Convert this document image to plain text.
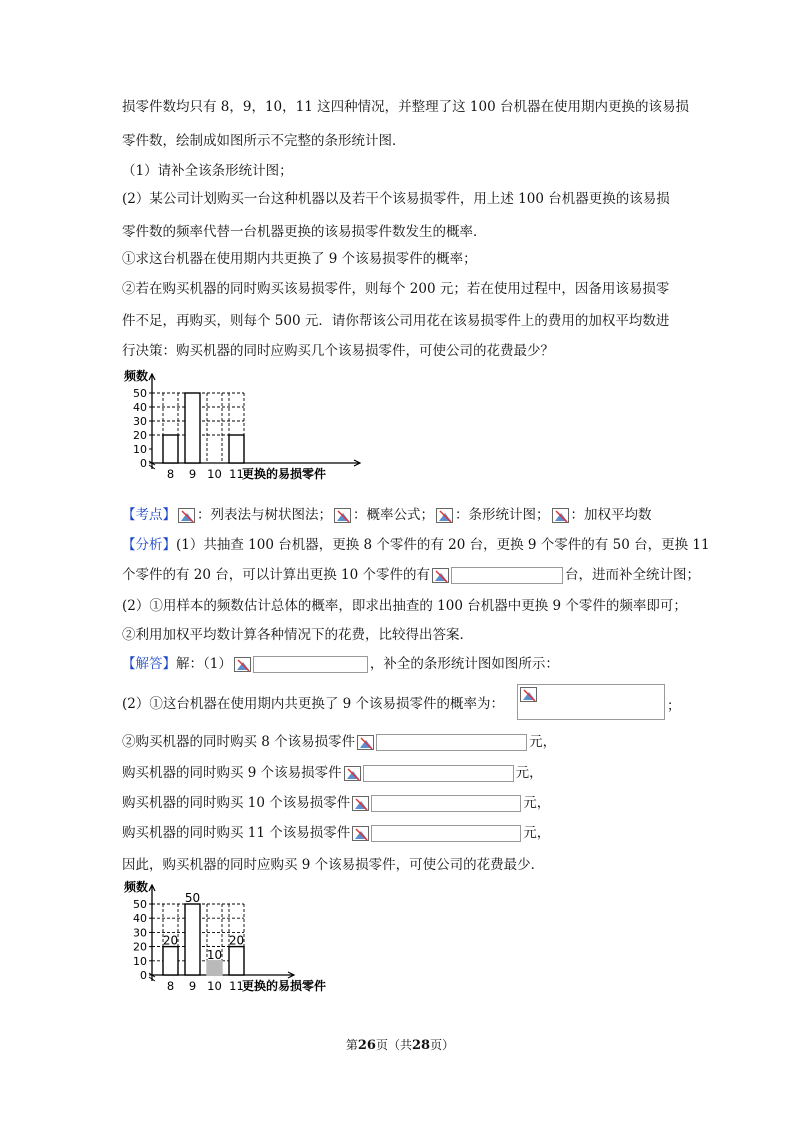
损零件数均只有 8，9，10，11 这四种情况，并整理了这 100 台机器在使用期内更换的该易损
零件数，绘制成如图所示不完整的条形统计图．
（1）请补全该条形统计图；
(2）某公司计划购买一台这种机器以及若干个该易损零件，用上述 100 台机器更换的该易损
零件数的频率代替一台机器更换的该易损零件数发生的概率．
①求这台机器在使用期内共更换了 9 个该易损零件的概率；
②若在购买机器的同时购买该易损零件，则每个 200 元；若在使用过程中，因备用该易损零
件不足，再购买，则每个 500 元．请你帮该公司用花在该易损零件上的费用的加权平均数进
行决策：购买机器的同时应购买几个该易损零件，可使公司的花费最少？
频数
0
10
20
30
40
50
8 9 10 11
更换的易损零件
【考点】 ：列表法与树状图法； ：概率公式； ：条形统计图； ：加权平均数
【分析】(1）共抽查 100 台机器，更换 8 个零件的有 20 台，更换 9 个零件的有 50 台，更换 11
个零件的有 20 台，可以计算出更换 10 个零件的有	台，进而补全统计图；
(2）①用样本的频数估计总体的概率，即求出抽查的 100 台机器中更换 9 个零件的频率即可；
②利用加权平均数计算各种情况下的花费，比较得出答案．
【解答】解：（1）	，补全的条形统计图如图所示：
(2）①这台机器在使用期内共更换了 9 个该易损零件的概率为：	；
②购买机器的同时购买 8 个该易损零件	元，
购买机器的同时购买 9 个该易损零件	元，
购买机器的同时购买 10 个该易损零件	元，
购买机器的同时购买 11 个该易损零件	元，
因此，购买机器的同时应购买 9 个该易损零件，可使公司的花费最少．
频数
0
10
20
30
40
50
20
8
50
9
10
10
20
11
更换的易损零件
第26页（共28页）
